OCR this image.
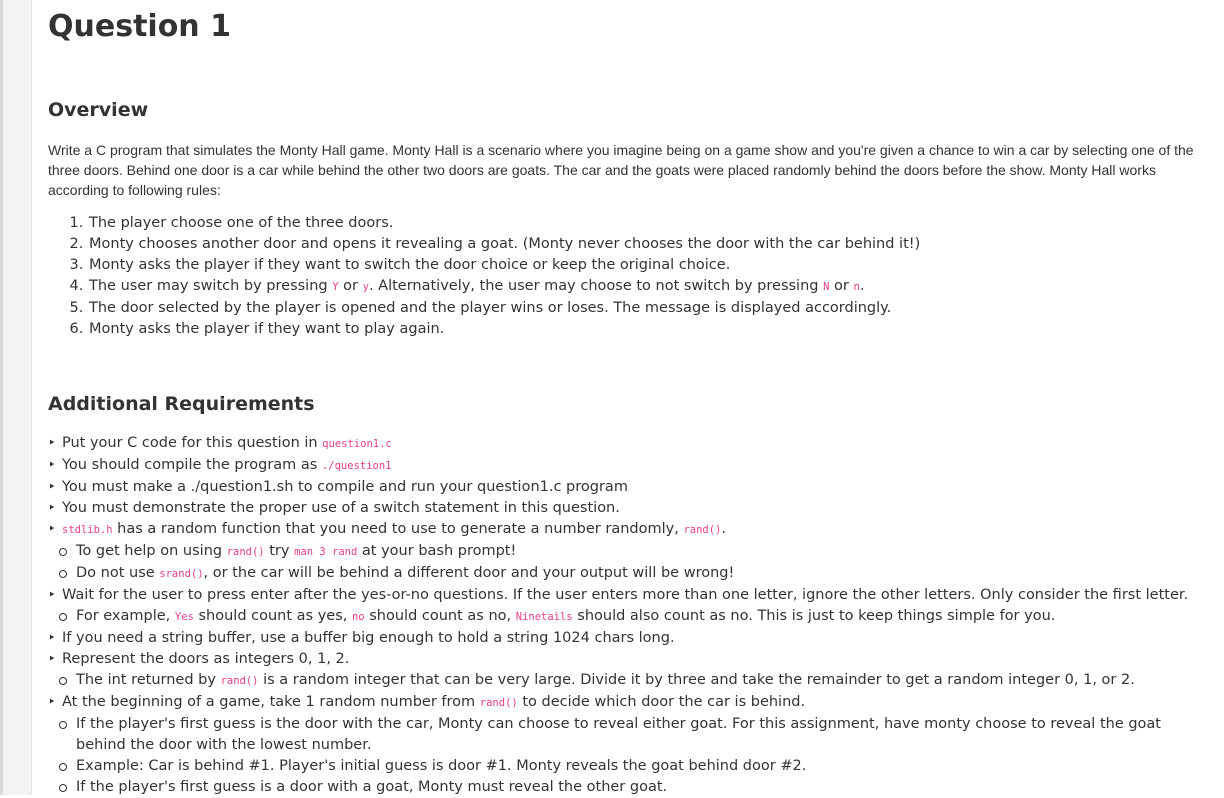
Question 1
Overview
Write a C program that simulates the Monty Hall game. Monty Hall is a scenario where you imagine being on a game show and you're given a chance to win a car by selecting one of the three doors. Behind one door is a car while behind the other two doors are goats. The car and the goats were placed randomly behind the doors before the show. Monty Hall works according to following rules:
1. The player choose one of the three doors.
2. Monty chooses another door and opens it revealing a goat. (Monty never chooses the door with the car behind it!)
3. Monty asks the player if they want to switch the door choice or keep the original choice.
4. The user may switch by pressing Y or y. Alternatively, the user may choose to not switch by pressing N or n.
5. The door selected by the player is opened and the player wins or loses. The message is displayed accordingly.
6. Monty asks the player if they want to play again.
Additional Requirements
‣ Put your C code for this question in question1.c
‣ You should compile the program as ./question1
‣ You must make a ./question1.sh to compile and run your question1.c program
‣ You must demonstrate the proper use of a switch statement in this question.
‣ stdlib.h has a random function that you need to use to generate a number randomly, rand().
To get help on using rand() try man 3 rand at your bash prompt!
Do not use srand(), or the car will be behind a different door and your output will be wrong!
‣ Wait for the user to press enter after the yes-or-no questions. If the user enters more than one letter, ignore the other letters. Only consider the first letter.
For example, Yes should count as yes, no should count as no, Ninetails should also count as no. This is just to keep things simple for you.
‣ If you need a string buffer, use a buffer big enough to hold a string 1024 chars long.
‣ Represent the doors as integers 0, 1, 2.
The int returned by rand() is a random integer that can be very large. Divide it by three and take the remainder to get a random integer 0, 1, or 2.
‣ At the beginning of a game, take 1 random number from rand() to decide which door the car is behind.
If the player's first guess is the door with the car, Monty can choose to reveal either goat. For this assignment, have monty choose to reveal the goat behind the door with the lowest number.
Example: Car is behind #1. Player's initial guess is door #1. Monty reveals the goat behind door #2.
If the player's first guess is a door with a goat, Monty must reveal the other goat.
